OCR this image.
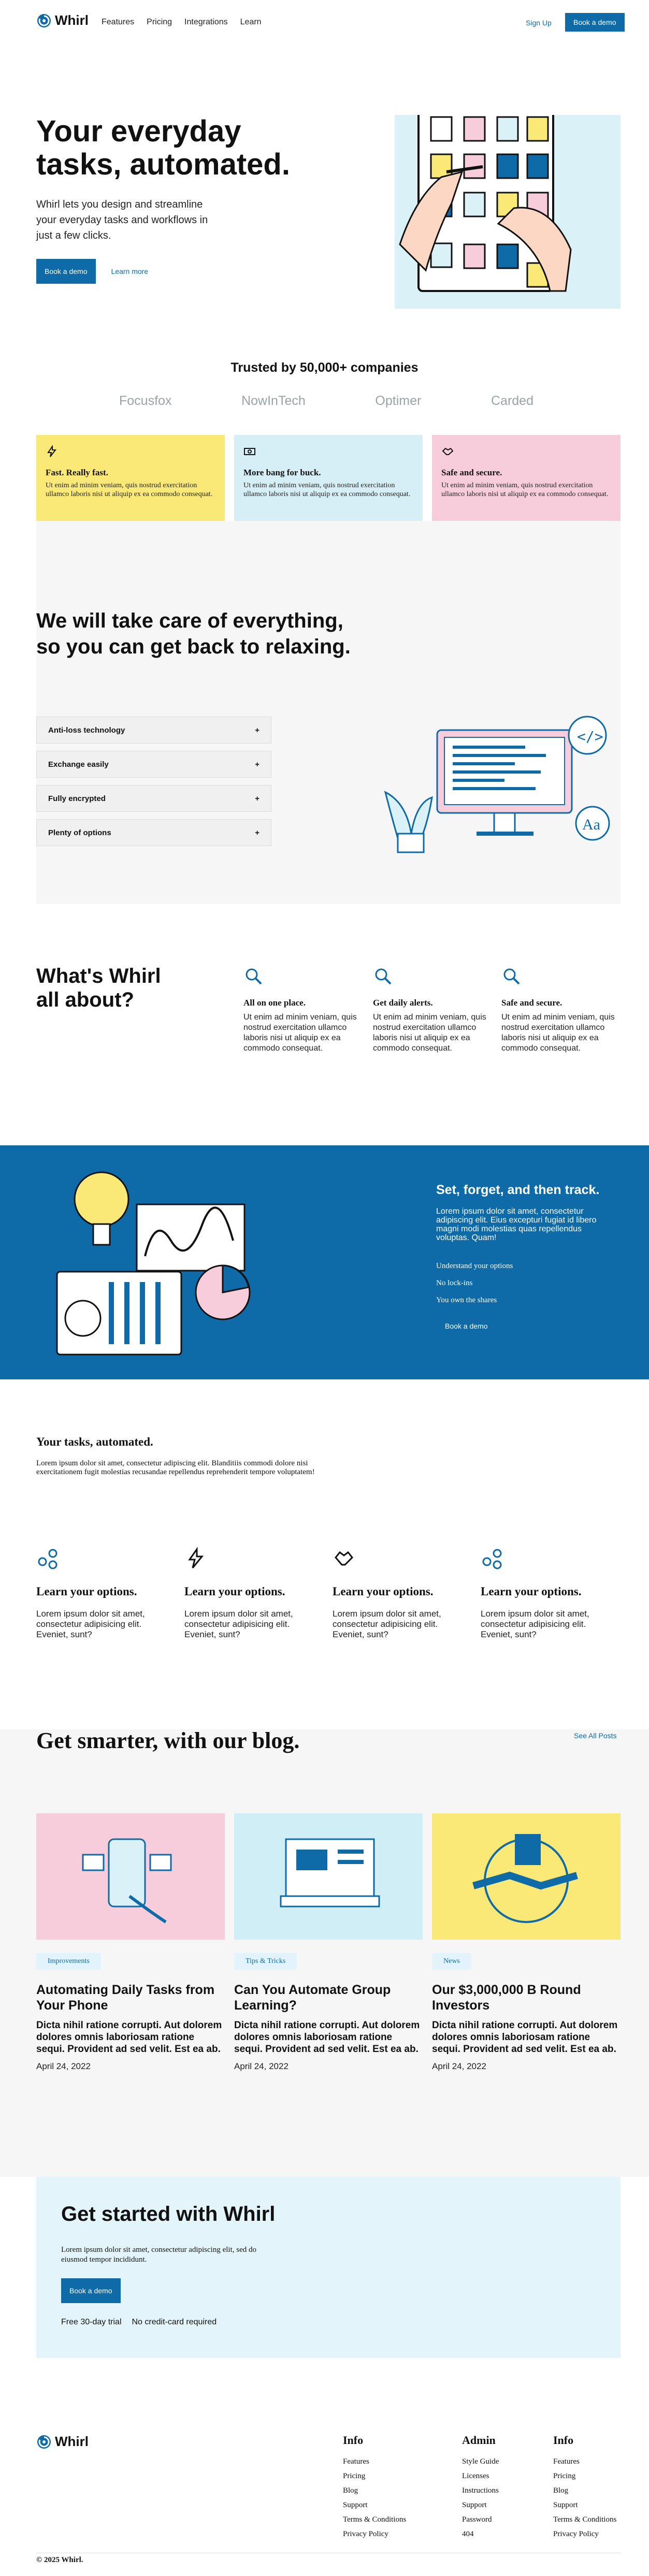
Whirl Features Pricing Integrations Learn	Sign Up	Book a demo
Your everyday
tasks, automated.

Whirl lets you design and streamline your everyday tasks and workflows in just a few clicks.

Book a demo	Learn more
Trusted by 50,000+ companies
Focusfox	NowInTech	Optimer	Carded
Fast. Really fast.

Ut enim ad minim veniam, quis nostrud exercitation ullamco laboris nisi ut aliquip ex ea commodo consequat.

More bang for buck.

Ut enim ad minim veniam, quis nostrud exercitation ullamco laboris nisi ut aliquip ex ea commodo consequat.

Safe and secure.

Ut enim ad minim veniam, quis nostrud exercitation ullamco laboris nisi ut aliquip ex ea commodo consequat.

We will take care of everything,
so you can get back to relaxing.
Anti-loss technology	+
Exchange easily	+
Fully encrypted	+
Plenty of options	+
</>
Aa
What's Whirl
all about?	All on one place.

Ut enim ad minim veniam, quis nostrud exercitation ullamco laboris nisi ut aliquip ex ea commodo consequat.

Get daily alerts.

Ut enim ad minim veniam, quis nostrud exercitation ullamco laboris nisi ut aliquip ex ea commodo consequat.

Safe and secure.

Ut enim ad minim veniam, quis nostrud exercitation ullamco laboris nisi ut aliquip ex ea commodo consequat.

Set, forget, and then track.

Lorem ipsum dolor sit amet, consectetur adipiscing elit. Eius excepturi fugiat id libero magni modi molestias quas repellendus voluptas. Quam!

Understand your options
No lock-ins
You own the shares
Book a demo
Your tasks, automated.

Lorem ipsum dolor sit amet, consectetur adipiscing elit. Blanditiis commodi dolore nisi exercitationem fugit molestias recusandae repellendus reprehenderit tempore voluptatem!

Learn your options.

Lorem ipsum dolor sit amet, consectetur adipisicing elit. Eveniet, sunt?

Learn your options.

Lorem ipsum dolor sit amet, consectetur adipisicing elit. Eveniet, sunt?

Learn your options.

Lorem ipsum dolor sit amet, consectetur adipisicing elit. Eveniet, sunt?

Learn your options.

Lorem ipsum dolor sit amet, consectetur adipisicing elit. Eveniet, sunt?

Get smarter, with our blog.	See All Posts
Improvements
Automating Daily Tasks from Your Phone

Dicta nihil ratione corrupti. Aut dolorem dolores omnis laboriosam ratione sequi. Provident ad sed velit. Est ea ab.

April 24, 2022

Tips & Tricks
Can You Automate Group Learning?

Dicta nihil ratione corrupti. Aut dolorem dolores omnis laboriosam ratione sequi. Provident ad sed velit. Est ea ab.

April 24, 2022

News
Our $3,000,000 B Round Investors

Dicta nihil ratione corrupti. Aut dolorem dolores omnis laboriosam ratione sequi. Provident ad sed velit. Est ea ab.

April 24, 2022

Get started with Whirl

Lorem ipsum dolor sit amet, consectetur adipiscing elit, sed do eiusmod tempor incididunt.

Book a demo
Free 30-day trial No credit-card required
Whirl	Info
Features
Pricing
Blog
Support
Terms & Conditions
Privacy Policy
Admin
Style Guide
Licenses
Instructions
Support
Password
404
Info
Features
Pricing
Blog
Support
Terms & Conditions
Privacy Policy
© 2025 Whirl.
